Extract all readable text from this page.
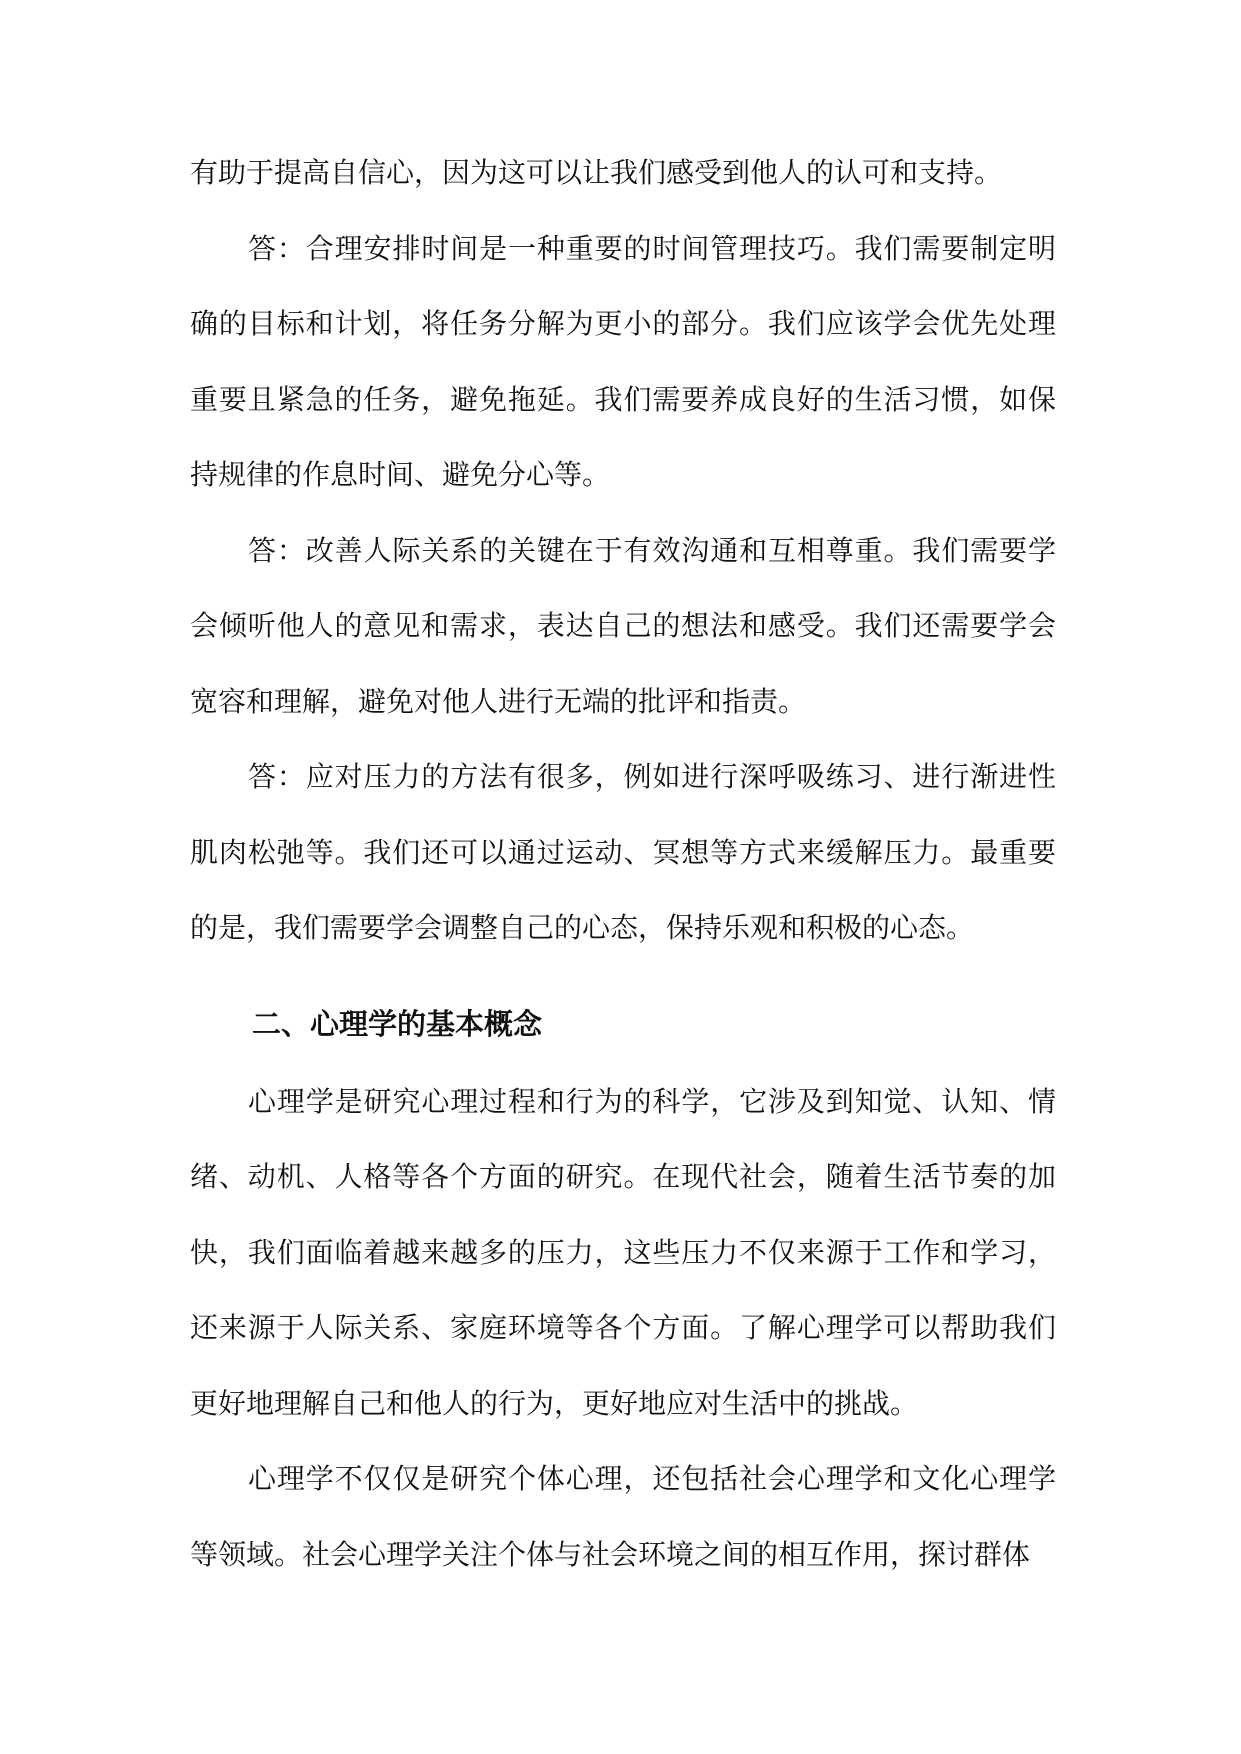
有助于提高自信心，因为这可以让我们感受到他人的认可和支持。

答：合理安排时间是一种重要的时间管理技巧。我们需要制定明确的目标和计划，将任务分解为更小的部分。我们应该学会优先处理重要且紧急的任务，避免拖延。我们需要养成良好的生活习惯，如保持规律的作息时间、避免分心等。

答：改善人际关系的关键在于有效沟通和互相尊重。我们需要学会倾听他人的意见和需求，表达自己的想法和感受。我们还需要学会宽容和理解，避免对他人进行无端的批评和指责。

答：应对压力的方法有很多，例如进行深呼吸练习、进行渐进性肌肉松弛等。我们还可以通过运动、冥想等方式来缓解压力。最重要的是，我们需要学会调整自己的心态，保持乐观和积极的心态。

二、心理学的基本概念

心理学是研究心理过程和行为的科学，它涉及到知觉、认知、情绪、动机、人格等各个方面的研究。在现代社会，随着生活节奏的加快，我们面临着越来越多的压力，这些压力不仅来源于工作和学习，还来源于人际关系、家庭环境等各个方面。了解心理学可以帮助我们更好地理解自己和他人的行为，更好地应对生活中的挑战。

心理学不仅仅是研究个体心理，还包括社会心理学和文化心理学等领域。社会心理学关注个体与社会环境之间的相互作用，探讨群体
